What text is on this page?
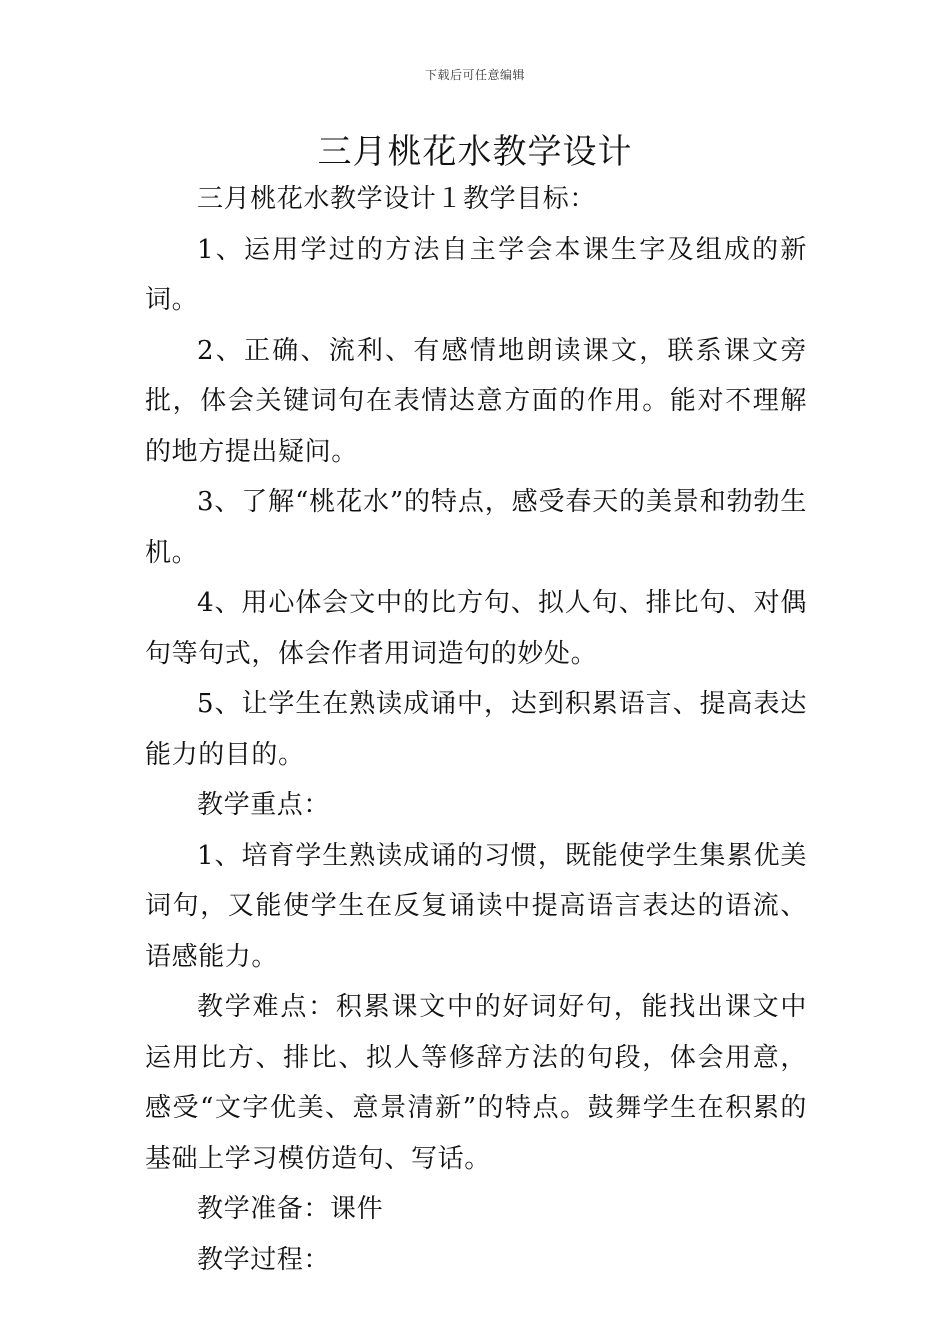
下载后可任意编辑
三月桃花水教学设计

三月桃花水教学设计１教学目标：

1、运用学过的方法自主学会本课生字及组成的新词。

2、正确、流利、有感情地朗读课文，联系课文旁批，体会关键词句在表情达意方面的作用。能对不理解的地方提出疑问。

3、了解“桃花水”的特点，感受春天的美景和勃勃生机。

4、用心体会文中的比方句、拟人句、排比句、对偶句等句式，体会作者用词造句的妙处。

5、让学生在熟读成诵中，达到积累语言、提高表达能力的目的。

教学重点：

1、培育学生熟读成诵的习惯，既能使学生集累优美词句，又能使学生在反复诵读中提高语言表达的语流、语感能力。

教学难点：积累课文中的好词好句，能找出课文中运用比方、排比、拟人等修辞方法的句段，体会用意，感受“文字优美、意景清新”的特点。鼓舞学生在积累的基础上学习模仿造句、写话。

教学准备：课件

教学过程：
